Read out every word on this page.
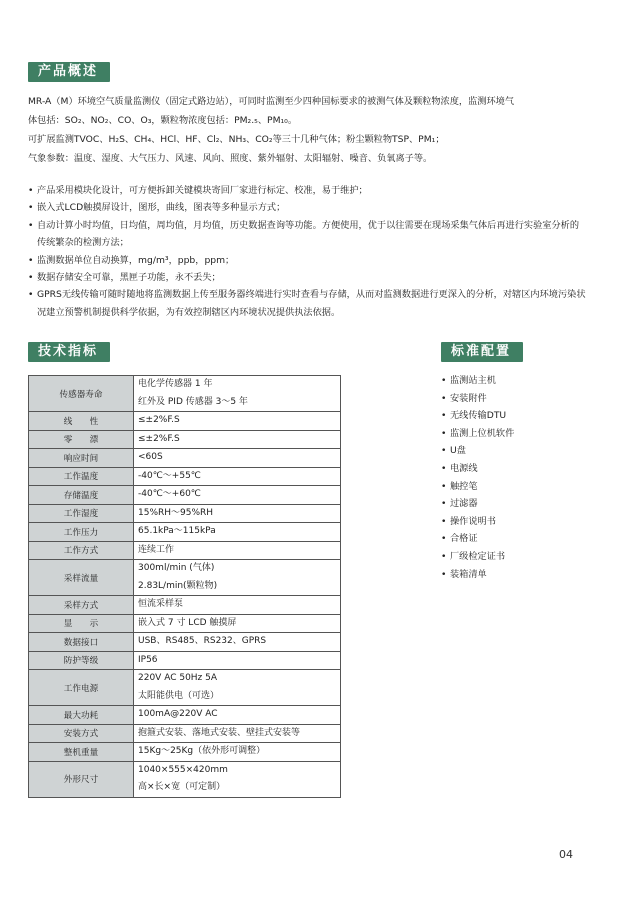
产品概述

MR-A（M）环境空气质量监测仪（固定式路边站），可同时监测至少四种国标要求的被测气体及颗粒物浓度，监测环境气

体包括：SO₂、NO₂、CO、O₃，颗粒物浓度包括：PM₂.₅、PM₁₀。

可扩展监测TVOC、H₂S、CH₄、HCl、HF、Cl₂、NH₃、CO₂等三十几种气体；粉尘颗粒物TSP、PM₁；

气象参数：温度、湿度、大气压力、风速、风向、照度、紫外辐射、太阳辐射、噪音、负氧离子等。

• 产品采用模块化设计，可方便拆卸关键模块寄回厂家进行标定、校准，易于维护；
• 嵌入式LCD触摸屏设计，图形，曲线，图表等多种显示方式；
• 自动计算小时均值，日均值，周均值，月均值，历史数据查询等功能。方便使用，优于以往需要在现场采集气体后再进行实验室分析的传统繁杂的检测方法；
• 监测数据单位自动换算，mg/m³，ppb，ppm；
• 数据存储安全可靠，黑匣子功能，永不丢失；
• GPRS无线传输可随时随地将监测数据上传至服务器终端进行实时查看与存储，从而对监测数据进行更深入的分析，对辖区内环境污染状况建立预警机制提供科学依据，为有效控制辖区内环境状况提供执法依据。
技术指标	标准配置
传感器寿命	电化学传感器 1 年
红外及 PID 传感器 3～5 年

线　　性	≤±2%F.S

零　　漂	≤±2%F.S

响应时间	<60S

工作温度	-40℃～+55℃

存储温度	-40℃～+60℃

工作湿度	15%RH～95%RH

工作压力	65.1kPa～115kPa

工作方式	连续工作

采样流量	300ml/min (气体)
2.83L/min(颗粒物)

采样方式	恒流采样泵

显　　示	嵌入式 7 寸 LCD 触摸屏

数据接口	USB、RS485、RS232、GPRS

防护等级	IP56

工作电源	220V AC 50Hz 5A
太阳能供电（可选）

最大功耗	100mA@220V AC

安装方式	抱箍式安装、落地式安装、壁挂式安装等

整机重量	15Kg～25Kg（依外形可调整）

外形尺寸	1040×555×420mm
高×长×宽（可定制）
• 监测站主机
• 安装附件
• 无线传输DTU
• 监测上位机软件
• U盘
• 电源线
• 触控笔
• 过滤器
• 操作说明书
• 合格证
• 厂级检定证书
• 装箱清单
04
